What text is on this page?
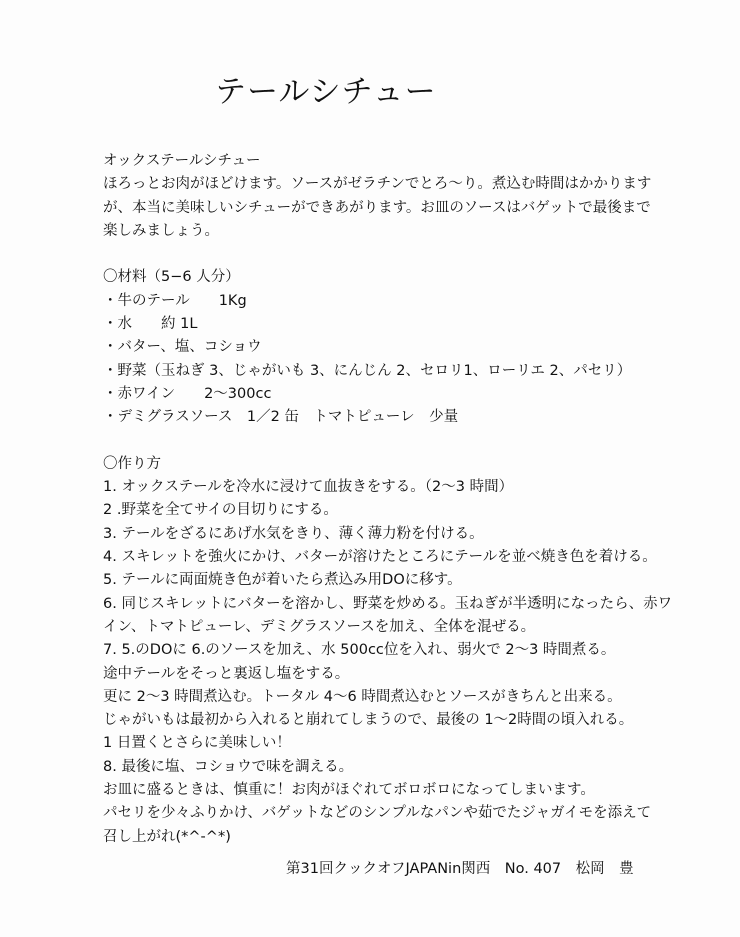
テールシチュー
オックステールシチュー
ほろっとお肉がほどけます。ソースがゼラチンでとろ〜り。煮込む時間はかかります
が、本当に美味しいシチューができあがります。お皿のソースはバゲットで最後まで
楽しみましょう。
〇材料（5−6 人分）
・牛のテール　　1Kg
・水　　約 1L
・バター、塩、コショウ
・野菜（玉ねぎ 3、じゃがいも 3、にんじん 2、セロリ1、ローリエ 2、パセリ）
・赤ワイン　　2〜300cc
・デミグラスソース　1／2 缶　トマトピューレ　少量
〇作り方
1. オックステールを冷水に浸けて血抜きをする。（2〜3 時間）
2 .野菜を全てサイの目切りにする。
3. テールをざるにあげ水気をきり、薄く薄力粉を付ける。
4. スキレットを強火にかけ、バターが溶けたところにテールを並べ焼き色を着ける。
5. テールに両面焼き色が着いたら煮込み用DOに移す。
6. 同じスキレットにバターを溶かし、野菜を炒める。玉ねぎが半透明になったら、赤ワ
イン、トマトピューレ、デミグラスソースを加え、全体を混ぜる。
7. 5.のDOに 6.のソースを加え、水 500cc位を入れ、弱火で 2〜3 時間煮る。
途中テールをそっと裏返し塩をする。
更に 2〜3 時間煮込む。トータル 4〜6 時間煮込むとソースがきちんと出来る。
じゃがいもは最初から入れると崩れてしまうので、最後の 1〜2時間の頃入れる。
1 日置くとさらに美味しい！
8. 最後に塩、コショウで味を調える。
お皿に盛るときは、慎重に！お肉がほぐれてボロボロになってしまいます。
パセリを少々ふりかけ、バゲットなどのシンプルなパンや茹でたジャガイモを添えて
召し上がれ(*^-^*)
第31回クックオフJAPANin関西　No. 407　松岡　豊
